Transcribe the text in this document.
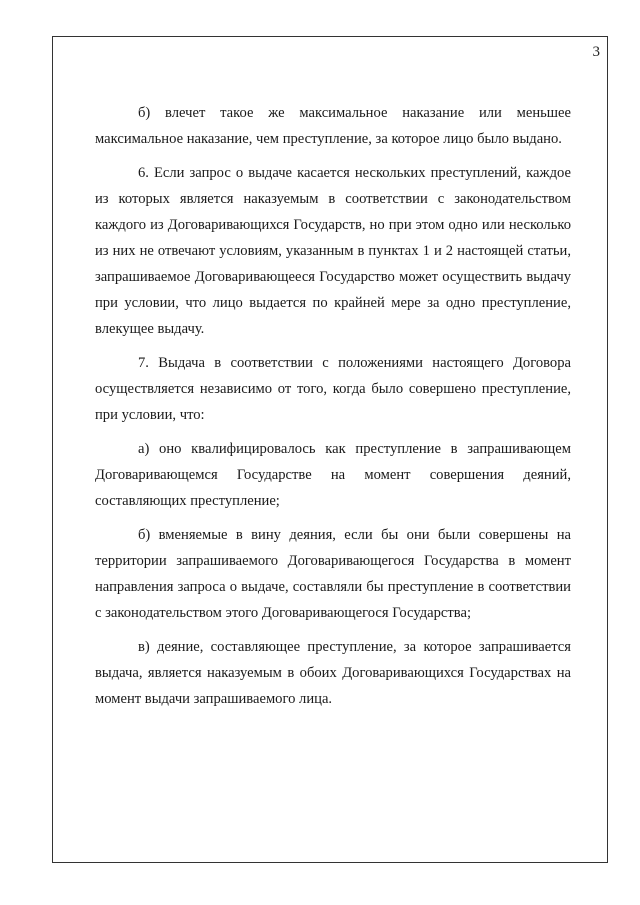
3

б) влечет такое же максимальное наказание или меньшее максимальное наказание, чем преступление, за которое лицо было выдано.

6. Если запрос о выдаче касается нескольких преступлений, каждое из которых является наказуемым в соответствии с законодательством каждого из Договаривающихся Государств, но при этом одно или несколько из них не отвечают условиям, указанным в пунктах 1 и 2 настоящей статьи, запрашиваемое Договаривающееся Государство может осуществить выдачу при условии, что лицо выдается по крайней мере за одно преступление, влекущее выдачу.

7. Выдача в соответствии с положениями настоящего Договора осуществляется независимо от того, когда было совершено преступление, при условии, что:

а) оно квалифицировалось как преступление в запрашивающем Договаривающемся Государстве на момент совершения деяний, составляющих преступление;

б) вменяемые в вину деяния, если бы они были совершены на территории запрашиваемого Договаривающегося Государства в момент направления запроса о выдаче, составляли бы преступление в соответствии с законодательством этого Договаривающегося Государства;

в) деяние, составляющее преступление, за которое запрашивается выдача, является наказуемым в обоих Договаривающихся Государствах на момент выдачи запрашиваемого лица.
